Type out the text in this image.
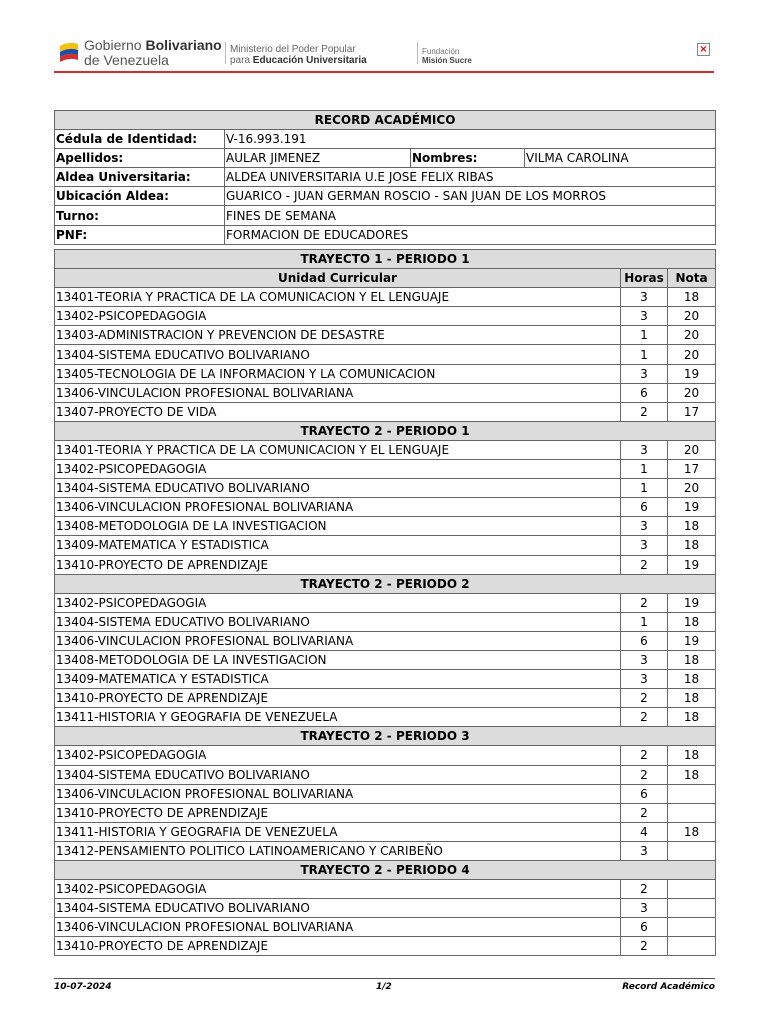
Gobierno Bolivariano
de Venezuela
Ministerio del Poder Popular
para Educación Universitaria
Fundación
Misión Sucre
×
RECORD ACADÉMICO			
Cédula de Identidad:	V-16.993.191		
Apellidos:	AULAR JIMENEZ	Nombres:	VILMA CAROLINA
Aldea Universitaria:	ALDEA UNIVERSITARIA U.E JOSE FELIX RIBAS		
Ubicación Aldea:	GUARICO - JUAN GERMAN ROSCIO - SAN JUAN DE LOS MORROS		
Turno:	FINES DE SEMANA		
PNF:	FORMACION DE EDUCADORES		
TRAYECTO 1 - PERIODO 1		
Unidad Curricular	Horas	Nota
13401-TEORIA Y PRACTICA DE LA COMUNICACION Y EL LENGUAJE	3	18
13402-PSICOPEDAGOGIA	3	20
13403-ADMINISTRACION Y PREVENCION DE DESASTRE	1	20
13404-SISTEMA EDUCATIVO BOLIVARIANO	1	20
13405-TECNOLOGIA DE LA INFORMACION Y LA COMUNICACION	3	19
13406-VINCULACION PROFESIONAL BOLIVARIANA	6	20
13407-PROYECTO DE VIDA	2	17
TRAYECTO 2 - PERIODO 1		
13401-TEORIA Y PRACTICA DE LA COMUNICACION Y EL LENGUAJE	3	20
13402-PSICOPEDAGOGIA	1	17
13404-SISTEMA EDUCATIVO BOLIVARIANO	1	20
13406-VINCULACION PROFESIONAL BOLIVARIANA	6	19
13408-METODOLOGIA DE LA INVESTIGACION	3	18
13409-MATEMATICA Y ESTADISTICA	3	18
13410-PROYECTO DE APRENDIZAJE	2	19
TRAYECTO 2 - PERIODO 2		
13402-PSICOPEDAGOGIA	2	19
13404-SISTEMA EDUCATIVO BOLIVARIANO	1	18
13406-VINCULACION PROFESIONAL BOLIVARIANA	6	19
13408-METODOLOGIA DE LA INVESTIGACION	3	18
13409-MATEMATICA Y ESTADISTICA	3	18
13410-PROYECTO DE APRENDIZAJE	2	18
13411-HISTORIA Y GEOGRAFIA DE VENEZUELA	2	18
TRAYECTO 2 - PERIODO 3		
13402-PSICOPEDAGOGIA	2	18
13404-SISTEMA EDUCATIVO BOLIVARIANO	2	18
13406-VINCULACION PROFESIONAL BOLIVARIANA	6	
13410-PROYECTO DE APRENDIZAJE	2	
13411-HISTORIA Y GEOGRAFIA DE VENEZUELA	4	18
13412-PENSAMIENTO POLITICO LATINOAMERICANO Y CARIBEÑO	3	
TRAYECTO 2 - PERIODO 4		
13402-PSICOPEDAGOGIA	2	
13404-SISTEMA EDUCATIVO BOLIVARIANO	3	
13406-VINCULACION PROFESIONAL BOLIVARIANA	6	
13410-PROYECTO DE APRENDIZAJE	2	
10-07-2024	1/2	Record Académico
